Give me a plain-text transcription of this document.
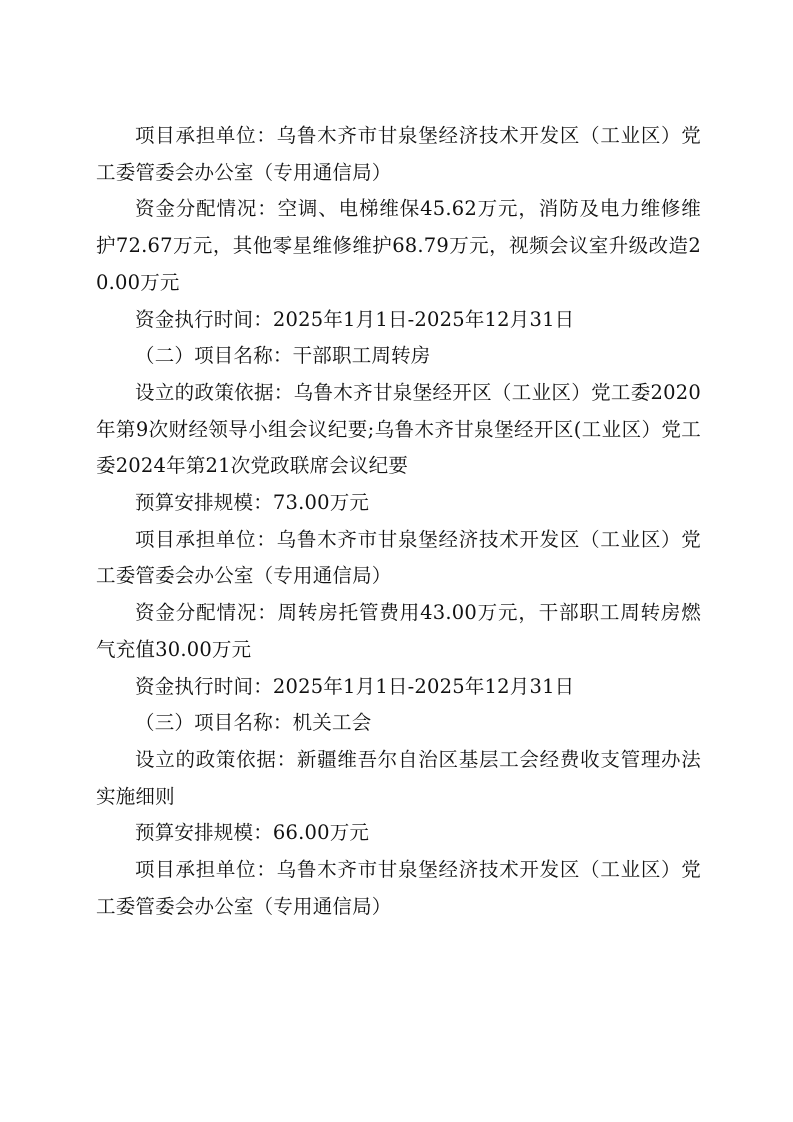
项目承担单位：乌鲁木齐市甘泉堡经济技术开发区（工业区）党工委管委会办公室（专用通信局）

资金分配情况：空调、电梯维保45.62万元，消防及电力维修维护72.67万元，其他零星维修维护68.79万元，视频会议室升级改造20.00万元

资金执行时间：2025年1月1日-2025年12月31日

（二）项目名称：干部职工周转房

设立的政策依据：乌鲁木齐甘泉堡经开区（工业区）党工委2020年第9次财经领导小组会议纪要;乌鲁木齐甘泉堡经开区(工业区）党工委2024年第21次党政联席会议纪要

预算安排规模：73.00万元

项目承担单位：乌鲁木齐市甘泉堡经济技术开发区（工业区）党工委管委会办公室（专用通信局）

资金分配情况：周转房托管费用43.00万元，干部职工周转房燃气充值30.00万元

资金执行时间：2025年1月1日-2025年12月31日

（三）项目名称：机关工会

设立的政策依据：新疆维吾尔自治区基层工会经费收支管理办法实施细则

预算安排规模：66.00万元

项目承担单位：乌鲁木齐市甘泉堡经济技术开发区（工业区）党工委管委会办公室（专用通信局）
